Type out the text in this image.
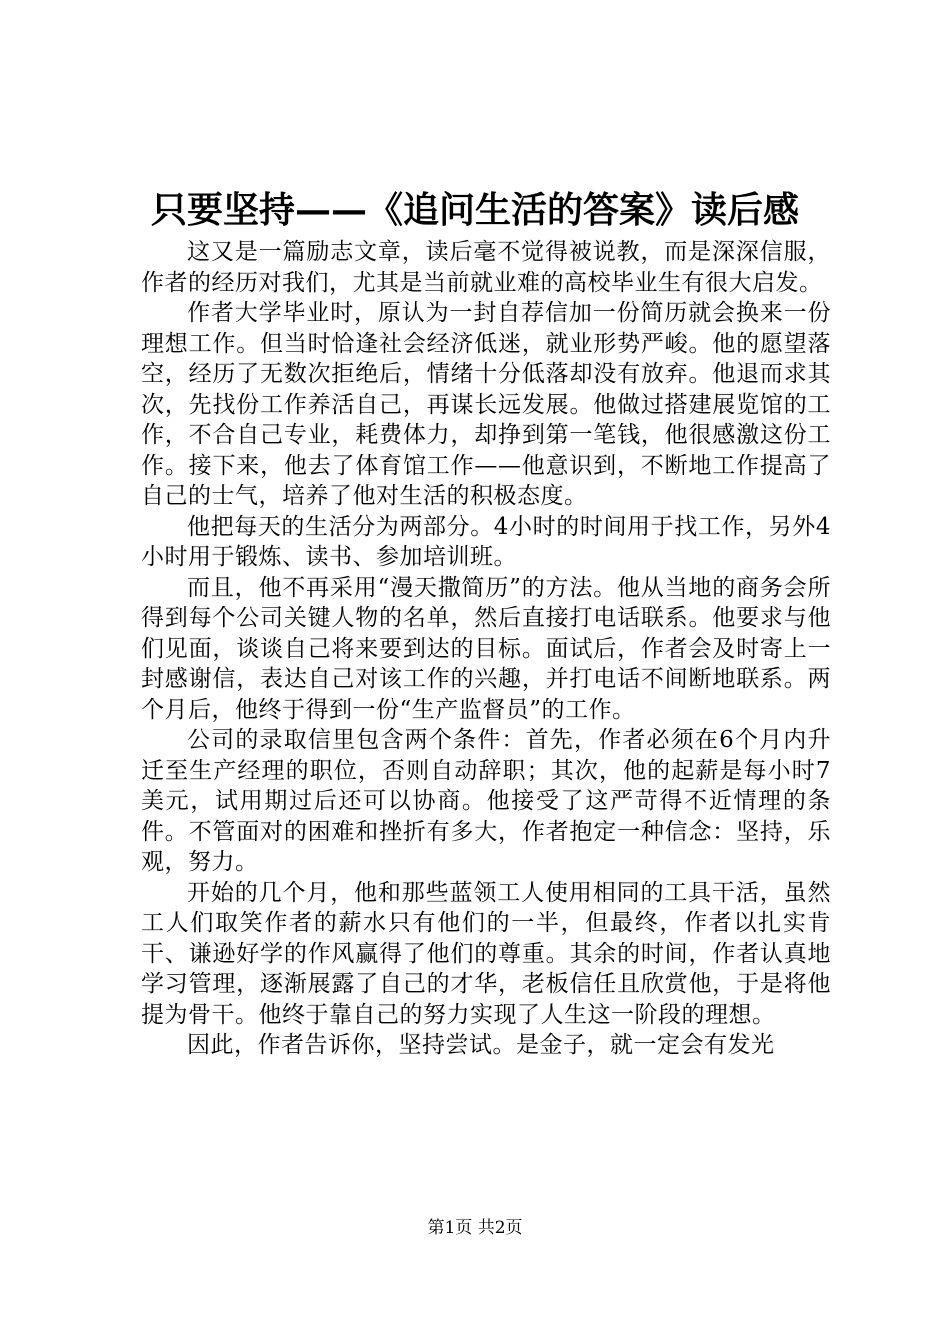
只要坚持——《追问生活的答案》读后感

这又是一篇励志文章，读后毫不觉得被说教，而是深深信服，作者的经历对我们，尤其是当前就业难的高校毕业生有很大启发。

作者大学毕业时，原认为一封自荐信加一份简历就会换来一份理想工作。但当时恰逢社会经济低迷，就业形势严峻。他的愿望落空，经历了无数次拒绝后，情绪十分低落却没有放弃。他退而求其次，先找份工作养活自己，再谋长远发展。他做过搭建展览馆的工作，不合自己专业，耗费体力，却挣到第一笔钱，他很感激这份工作。接下来，他去了体育馆工作——他意识到，不断地工作提高了自己的士气，培养了他对生活的积极态度。

他把每天的生活分为两部分。4小时的时间用于找工作，另外4小时用于锻炼、读书、参加培训班。

而且，他不再采用“漫天撒简历”的方法。他从当地的商务会所得到每个公司关键人物的名单，然后直接打电话联系。他要求与他们见面，谈谈自己将来要到达的目标。面试后，作者会及时寄上一封感谢信，表达自己对该工作的兴趣，并打电话不间断地联系。两个月后，他终于得到一份“生产监督员”的工作。

公司的录取信里包含两个条件：首先，作者必须在6个月内升迁至生产经理的职位，否则自动辞职；其次，他的起薪是每小时7美元，试用期过后还可以协商。他接受了这严苛得不近情理的条件。不管面对的困难和挫折有多大，作者抱定一种信念：坚持，乐观，努力。

开始的几个月，他和那些蓝领工人使用相同的工具干活，虽然工人们取笑作者的薪水只有他们的一半，但最终，作者以扎实肯干、谦逊好学的作风赢得了他们的尊重。其余的时间，作者认真地学习管理，逐渐展露了自己的才华，老板信任且欣赏他，于是将他提为骨干。他终于靠自己的努力实现了人生这一阶段的理想。

因此，作者告诉你，坚持尝试。是金子，就一定会有发光

第1页 共2页
